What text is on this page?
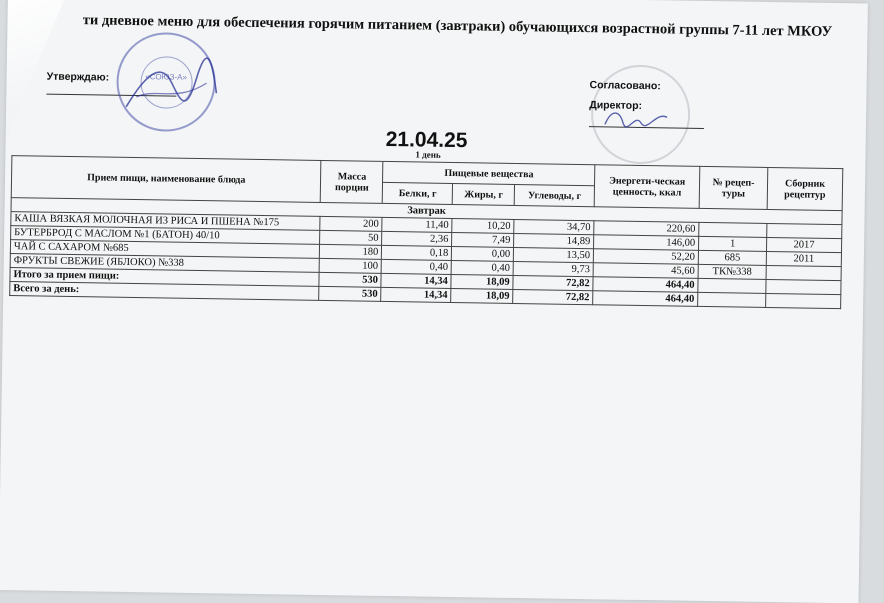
ти дневное меню для обеспечения горячим питанием (завтраки) обучающихся возрастной группы 7-11 лет МКОУ
Утверждаю:	«СОЮЗ-А»
Согласовано:
Директор:
21.04.25
1 день
Прием пищи, наименование блюда	Масса порции	Пищевые вещества			Энергети-ческая ценность, ккал	№ рецеп-туры	Сборник рецептур
		Белки, г	Жиры, г	Углеводы, г			
Завтрак							
КАША ВЯЗКАЯ МОЛОЧНАЯ ИЗ РИСА И ПШЕНА №175	200	11,40	10,20	34,70	220,60		
БУТЕРБРОД С МАСЛОМ №1 (БАТОН) 40/10	50	2,36	7,49	14,89	146,00	1	2017
ЧАЙ С САХАРОМ №685	180	0,18	0,00	13,50	52,20	685	2011
ФРУКТЫ СВЕЖИЕ (ЯБЛОКО) №338	100	0,40	0,40	9,73	45,60	ТК№338	
Итого за прием пищи:	530	14,34	18,09	72,82	464,40		
Всего за день:	530	14,34	18,09	72,82	464,40		
